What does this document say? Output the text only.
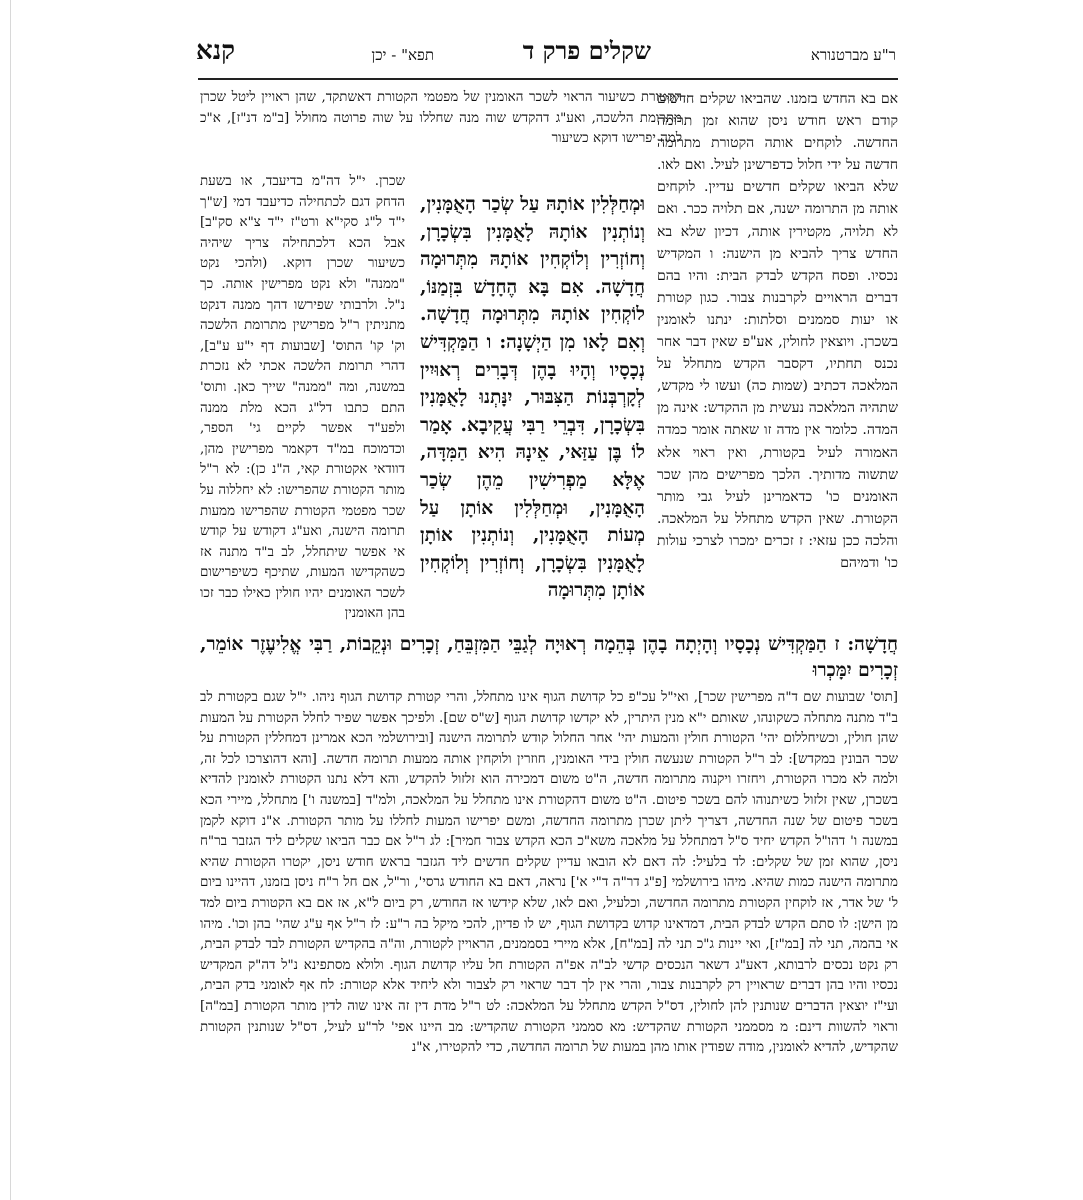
ר"ע מברטנורא
שקלים פרק ד
תפא" - יכן
קנא

אם בא החדש בזמנו. שהביאו שקלים חדשים קודם ראש חודש ניסן שהוא זמן תרומה החדשה. לוקחים אותה הקטורת מתרומה חדשה על ידי חלול כדפרשינן לעיל. ואם לאו. שלא הביאו שקלים חדשים עדיין. לוקחים אותה מן התרומה ישנה, אם תלויה ככר. ואם לא תלויה, מקטירין אותה, דכיון שלא בא החדש צריך להביא מן הישנה: ו המקדיש נכסיו. ופסח הקדש לבדק הבית: והיו בהם דברים הראויים לקרבנות צבור. כגון קטורת או יעות סממנים וסלתות: ינתנו לאומנין בשכרן. ויוצאין לחולין, אע"פ שאין דבר אחר נכנס תחתיו, דקסבר הקדש מתחלל על המלאכה דכתיב (שמות כה) ועשו לי מקדש, שתהיה המלאכה נעשית מן ההקדש: אינה מן המדה. כלומר אין מדה זו שאתה אומר כמדה האמורה לעיל בקטורת, ואין ראוי אלא שתשוה מדותיך. הלכך מפרישים מהן שכר האומנים כו' כדאמרינן לעיל גבי מותר הקטורת. שאין הקדש מתחלל על המלאכה. והלכה ככן עזאי: ז זכרים ימכרו לצרכי עולות כו' ודמיהם

הקטורת כשיעור הראוי לשכר האומנין של מפטמי הקטורת דאשתקד, שהן ראויין ליטל שכרן מתרומת הלשכה, ואע"ג דהקדש שוה מנה שחללו על שוה פרוטה מחולל [ב"מ דנ"ז], א"כ למה יפרישו דוקא כשיעור

שכרן. י"ל דה"מ בדיעבד, או בשעת הדחק דגם לכתחילה כדיעבד דמי [ש"ך י"ד ל"ג סקי"א ורט"ז י"ד צ"א סק"ב] אבל הכא דלכתחילה צריך שיהיה כשיעור שכרן דוקא. (ולהכי נקט "ממנה" ולא נקט מפרישין אותה. כך נ"ל. ולרבותי שפירשו דהך ממנה דנקט מתניתין ר"ל מפרישין מתרומת הלשכה וק' קו' התוס' [שבועות דף י"ע ע"ב], דהרי תרומת הלשכה אכתי לא נזכרת במשנה, ומה "ממנה" שייך כאן. ותוס' התם כתבו דל"ג הכא מלת ממנה ולפע"ד אפשר לקיים גי' הספר, וכדמוכח במ"ד דקאמר מפרישין מהן, דוודאי אקטורת קאי, ה"נ כן): לא ר"ל מותר הקטורת שהפרישו: לא יחללוה על שכר מפטמי הקטורת שהפרישו ממעות תרומה הישנה, ואע"ג דקודש על קודש אי אפשר שיתחלל, לב ב"ד מתנה אז כשהקדישו המעות, שתיכף כשיפרישום לשכר האומנים יהיו חולין כאילו כבר זכו בהן האומנין

וּמְחַלְּלִין אוֹתָהּ עַל שְׂכַר הָאֻמָּנִין, וְנוֹתְנִין אוֹתָהּ לָאֻמָּנִין בִּשְׂכָרָן, וְחוֹזְרִין וְלוֹקְחִין אוֹתָהּ מִתְּרוּמָה חֲדָשָׁה. אִם בָּא הֶחָדָשׁ בִּזְמַנּוֹ, לוֹקְחִין אוֹתָהּ מִתְּרוּמָה חֲדָשָׁה. וְאִם לָאו מִן הַיְשָׁנָה: ו הַמַּקְדִּישׁ נְכָסָיו וְהָיוּ בָהֶן דְּבָרִים רְאוּיִין לְקָרְבְּנוֹת הַצִּבּוּר, יִנָּתְנוּ לָאֻמָּנִין בִּשְׂכָרָן, דִּבְרֵי רַבִּי עֲקִיבָא. אָמַר לוֹ בֶּן עַזַּאי, אֵינָהּ הִיא הַמִּדָּה, אֶלָּא מַפְרִישִׁין מֵהֶן שְׂכַר הָאֻמָּנִין, וּמְחַלְּלִין אוֹתָן עַל מְעוֹת הָאֻמָּנִין, וְנוֹתְנִין אוֹתָן לָאֻמָּנִין בִּשְׂכָרָן, וְחוֹזְרִין וְלוֹקְחִין אוֹתָן מִתְּרוּמָה

חֲדָשָׁה: ז הַמַּקְדִּישׁ נְכָסָיו וְהָיְתָה בָהֶן בְּהֵמָה רְאוּיָה לְגַבֵּי הַמִּזְבֵּחַ, זְכָרִים וּנְקֵבוֹת, רַבִּי אֱלִיעֶזֶר אוֹמֵר, זְכָרִים יִמָּכְרוּ

[תוס' שבועות שם ד"ה מפרישין שכר], ואי"ל עכ"פ כל קדושת הגוף אינו מתחלל, והרי קטורת קדושת הגוף ניהו. י"ל שגם בקטורת לב ב"ד מתנה מתחלה כשקונהו, שאותם י"א מנין היתרין, לא יקדשו קדושת הגוף [ש"ס שם]. ולפיכך אפשר שפיר לחלל הקטורת על המעות שהן חולין, וכשיחללום יהי' הקטורת חולין והמעות יהי' אחר החלול קודש לתרומה הישנה [ובירושלמי הכא אמרינן דמחללין הקטורת על שכר הבונין במקדש]: לב ר"ל הקטורת שנעשה חולין בידי האומנין, חוזרין ולוקחין אותה ממעות תרומה חדשה. [והא דהוצרכו לכל זה, ולמה לא מכרו הקטורת, ויחזרו ויקנוה מתרומה חדשה, ה"ט משום דמכירה הוא זלזול להקדש, והא דלא נתנו הקטורת לאומנין להדיא בשכרן, שאין זלזול כשיתנוהו להם בשכר פיטום. ה"ט משום דהקטורת אינו מתחלל על המלאכה, ולמ"ד [במשנה ו'] מתחלל, מיירי הכא בשכר פיטום של שנה החדשה, דצריך ליתן שכרן מתרומה החדשה, ומשם יפרישו המעות לחללו על מותר הקטורת. א"נ דוקא לקמן במשנה ו' דהו"ל הקדש יחיד ס"ל דמתחלל על מלאכה משא"כ הכא הקדש צבור חמיר]: לג ר"ל אם כבר הביאו שקלים ליד הגזבר בר"ח ניסן, שהוא זמן של שקלים: לד בלעיל: לה דאם לא הובאו עדיין שקלים חדשים ליד הגזבר בראש חודש ניסן, יקטרו הקטורת שהיא מתרומה הישנה כמות שהיא. מיהו בירושלמי [פ"ג דר"ה ד"י א'] נראה, דאם בא החודש גרסי', ור"ל, אם חל ר"ח ניסן בזמנו, דהיינו ביום ל' של אדר, אז לוקחין הקטורת מתרומה החדשה, וכלעיל, ואם לאו, שלא קידשו אז החודש, רק ביום ל"א, אז אם בא הקטורת ביום למד מן הישן: לו סתם הקדש לבדק הבית, דמדאינו קדוש בקדושת הגוף, יש לו פדיון, להכי מיקל בה ר"ע: לז ר"ל אף ע"ג שהי' בהן וכו'. מיהו אי בהמה, תני לה [במ"ז], ואי יינות ג"כ תני לה [במ"ח], אלא מיירי בסממנים, הראויין לקטורת, וה"ה בהקדיש הקטורת לבד לבדק הבית, רק נקט נכסים לרבותא, דאע"ג דשאר הנכסים קדשי לב"ה אפ"ה הקטורת חל עליו קדושת הגוף. ולולא מסתפינא נ"ל דה"ק המקדיש נכסיו והיו בהן דברים שראויין רק לקרבנות צבור, והרי אין לך דבר שראוי רק לצבור ולא ליחיד אלא קטורת: לח אף לאומני בדק הבית, ועי"ז יוצאין הדברים שנותנין להן לחולין, דס"ל הקדש מתחלל על המלאכה: לט ר"ל מדת דין זה אינו שוה לדין מותר הקטורת [במ"ה] וראוי להשוות דינם: מ מסממני הקטורת שהקדיש: מא סממני הקטורת שהקדיש: מב היינו אפי' לר"ע לעיל, דס"ל שנותנין הקטורת שהקדיש, להדיא לאומנין, מודה שפודין אותו מהן במעות של תרומה החדשה, כדי להקטירו, א"נ
